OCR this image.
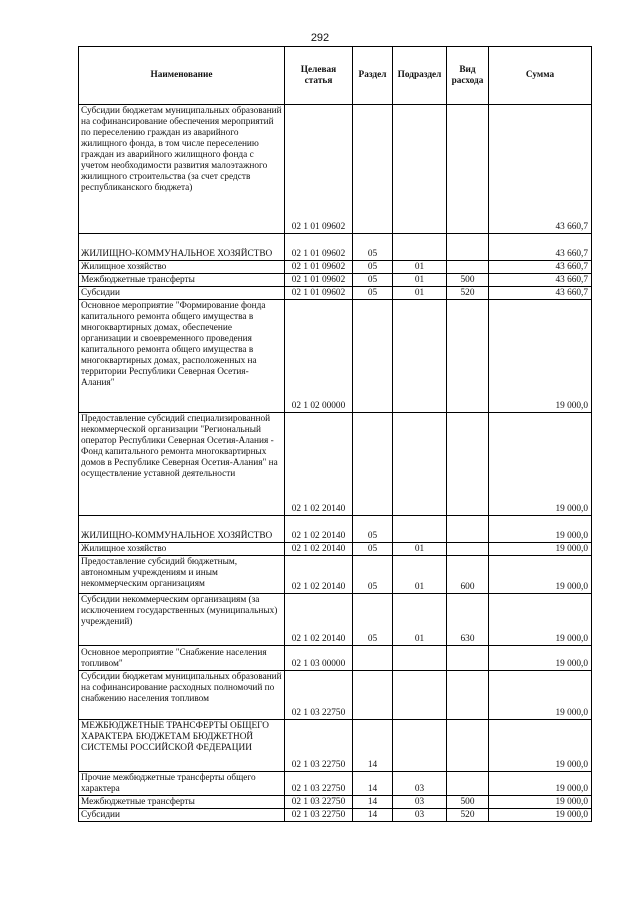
292
Наименование	Целевая статья	Раздел	Подраздел	Вид расхода	Сумма
Субсидии бюджетам муниципальных образований на софинансирование обеспечения мероприятий по переселению граждан из аварийного жилищного фонда, в том числе переселению граждан из аварийного жилищного фонда с учетом необходимости развития малоэтажного жилищного строительства (за счет средств республиканского бюджета)	02 1 01 09602				43 660,7
ЖИЛИЩНО-КОММУНАЛЬНОЕ ХОЗЯЙСТВО	02 1 01 09602	05			43 660,7
Жилищное хозяйство	02 1 01 09602	05	01		43 660,7
Межбюджетные трансферты	02 1 01 09602	05	01	500	43 660,7
Субсидии	02 1 01 09602	05	01	520	43 660,7
Основное мероприятие "Формирование фонда капитального ремонта общего имущества в многоквартирных домах, обеспечение организации и своевременного проведения капитального ремонта общего имущества в многоквартирных домах, расположенных на территории Республики Северная Осетия-Алания"	02 1 02 00000				19 000,0
Предоставление субсидий специализированной некоммерческой организации "Региональный оператор Республики Северная Осетия-Алания - Фонд капитального ремонта многоквартирных домов в Республике Северная Осетия-Алания" на осуществление уставной деятельности	02 1 02 20140				19 000,0
ЖИЛИЩНО-КОММУНАЛЬНОЕ ХОЗЯЙСТВО	02 1 02 20140	05			19 000,0
Жилищное хозяйство	02 1 02 20140	05	01		19 000,0
Предоставление субсидий бюджетным, автономным учреждениям и иным некоммерческим организациям	02 1 02 20140	05	01	600	19 000,0
Субсидии некоммерческим организациям (за исключением государственных (муниципальных) учреждений)	02 1 02 20140	05	01	630	19 000,0
Основное мероприятие "Снабжение населения топливом"	02 1 03 00000				19 000,0
Субсидии бюджетам муниципальных образований на софинансирование расходных полномочий по снабжению населения топливом	02 1 03 22750				19 000,0
МЕЖБЮДЖЕТНЫЕ ТРАНСФЕРТЫ ОБЩЕГО ХАРАКТЕРА БЮДЖЕТАМ БЮДЖЕТНОЙ СИСТЕМЫ РОССИЙСКОЙ ФЕДЕРАЦИИ	02 1 03 22750	14			19 000,0
Прочие межбюджетные трансферты общего характера	02 1 03 22750	14	03		19 000,0
Межбюджетные трансферты	02 1 03 22750	14	03	500	19 000,0
Субсидии	02 1 03 22750	14	03	520	19 000,0
